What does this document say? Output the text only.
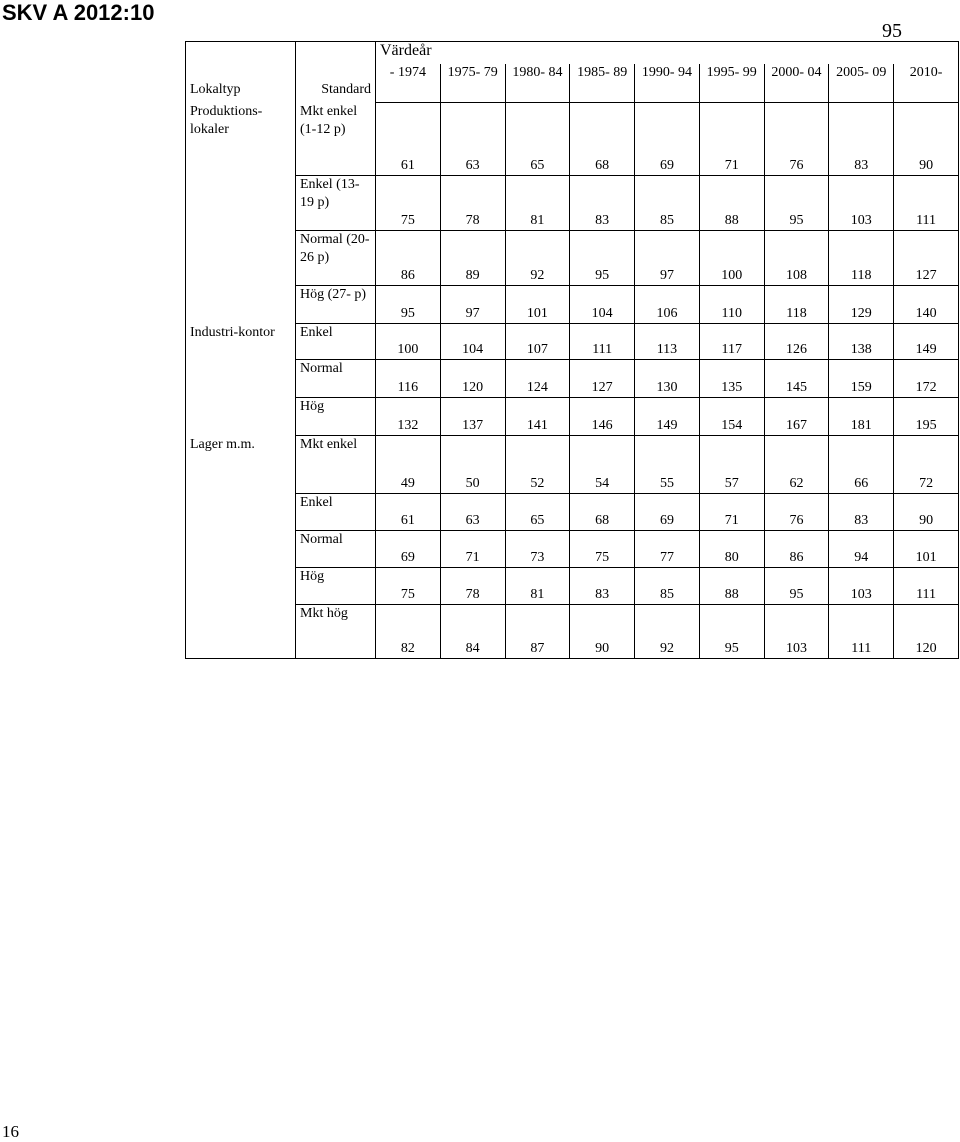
SKV A 2012:10
95
Lokaltyp	Standard	Värdeår								
		- 1974	1975- 79	1980- 84	1985- 89	1990- 94	1995- 99	2000- 04	2005- 09	2010-
Produktions-lokaler	Mkt enkel (1-12 p)	61	63	65	68	69	71	76	83	90
	Enkel (13-19 p)	75	78	81	83	85	88	95	103	111
	Normal (20-26 p)	86	89	92	95	97	100	108	118	127
	Hög (27- p)	95	97	101	104	106	110	118	129	140
Industri-kontor	Enkel	100	104	107	111	113	117	126	138	149
	Normal	116	120	124	127	130	135	145	159	172
	Hög	132	137	141	146	149	154	167	181	195
Lager m.m.	Mkt enkel	49	50	52	54	55	57	62	66	72
	Enkel	61	63	65	68	69	71	76	83	90
	Normal	69	71	73	75	77	80	86	94	101
	Hög	75	78	81	83	85	88	95	103	111
	Mkt hög	82	84	87	90	92	95	103	111	120
16
